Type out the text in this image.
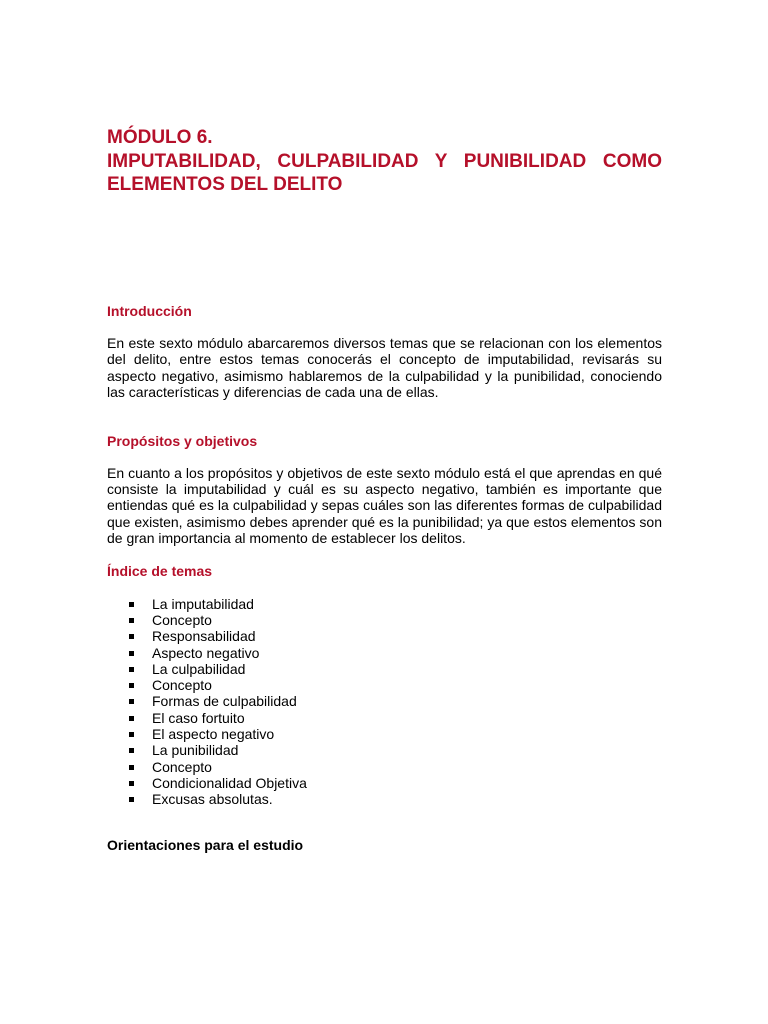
MÓDULO 6.
IMPUTABILIDAD, CULPABILIDAD Y PUNIBILIDAD COMO ELEMENTOS DEL DELITO
Introducción

En este sexto módulo abarcaremos diversos temas que se relacionan con los elementos del delito, entre estos temas conocerás el concepto de imputabilidad, revisarás su aspecto negativo, asimismo hablaremos de la culpabilidad y la punibilidad, conociendo las características y diferencias de cada una de ellas.

Propósitos y objetivos

En cuanto a los propósitos y objetivos de este sexto módulo está el que aprendas en qué consiste la imputabilidad y cuál es su aspecto negativo, también es importante que entiendas qué es la culpabilidad y sepas cuáles son las diferentes formas de culpabilidad que existen, asimismo debes aprender qué es la punibilidad; ya que estos elementos son de gran importancia al momento de establecer los delitos.

Índice de temas
La imputabilidad
Concepto
Responsabilidad
Aspecto negativo
La culpabilidad
Concepto
Formas de culpabilidad
El caso fortuito
El aspecto negativo
La punibilidad
Concepto
Condicionalidad Objetiva
Excusas absolutas.
Orientaciones para el estudio
